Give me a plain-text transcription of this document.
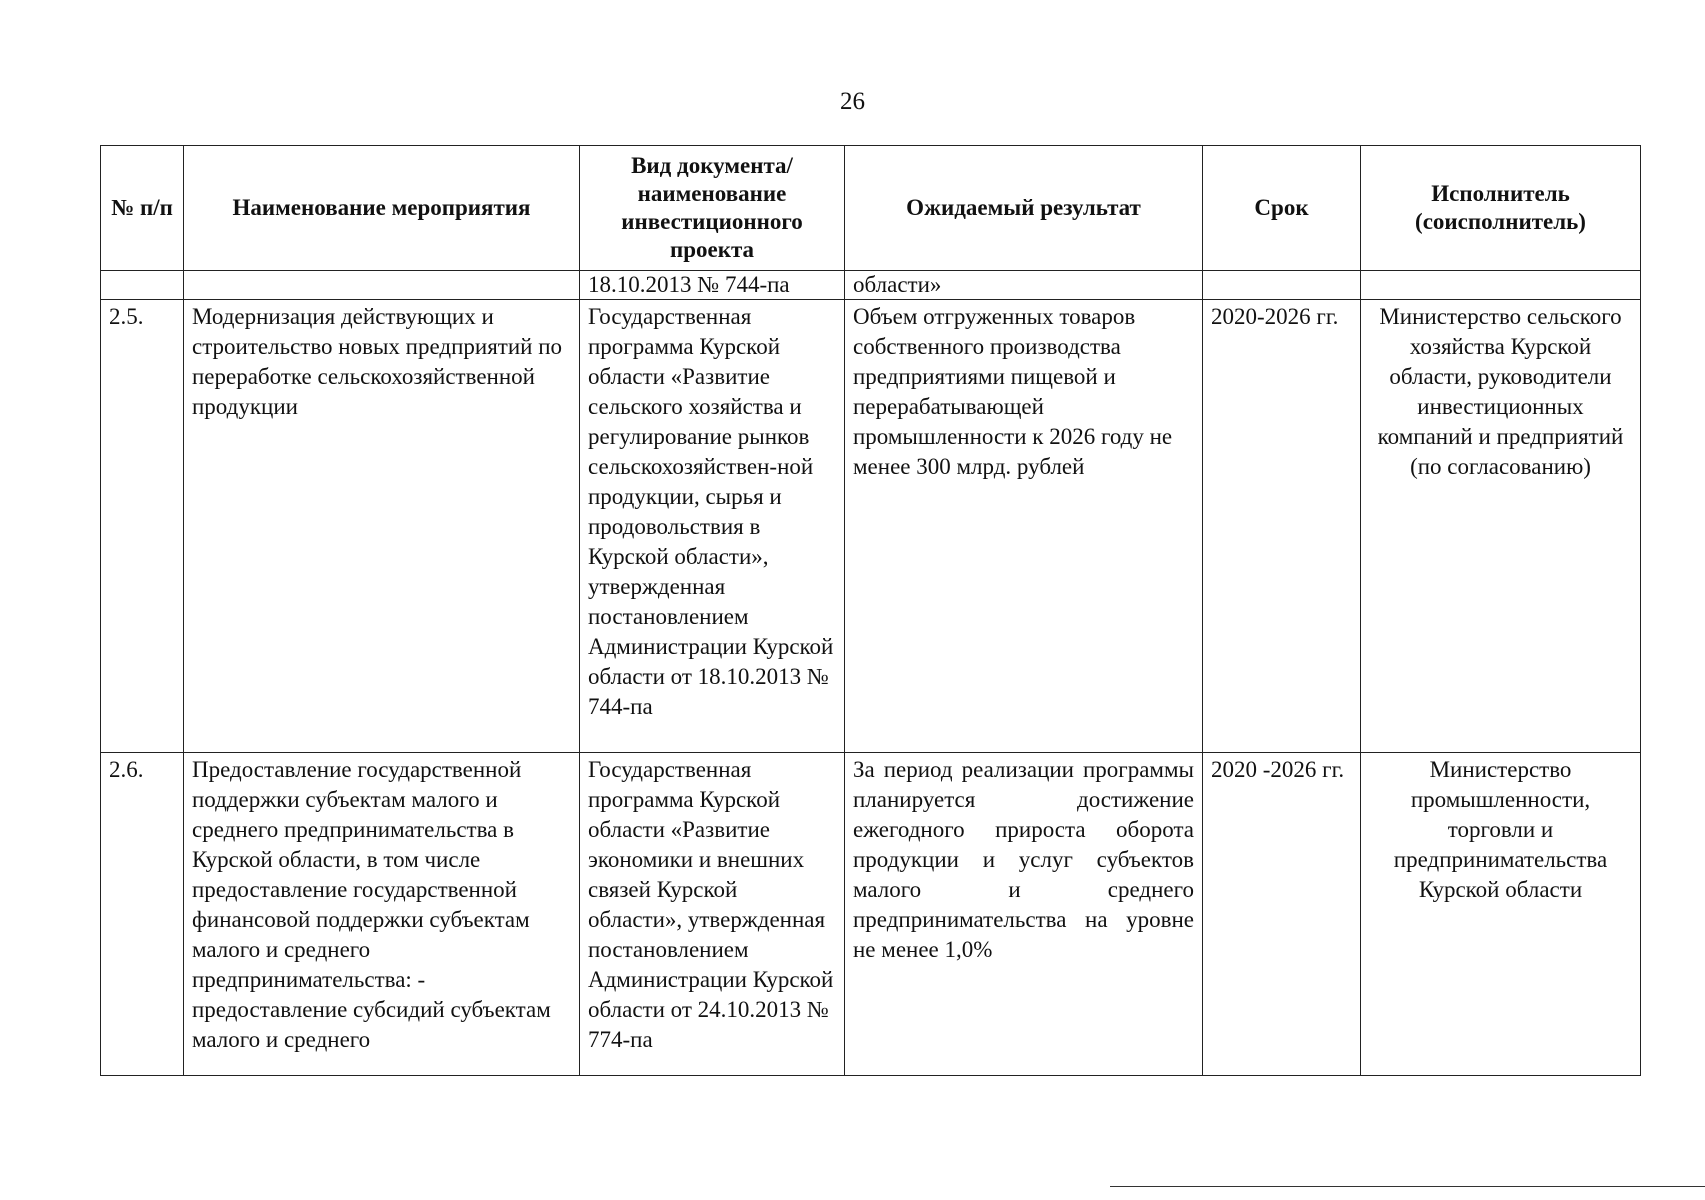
26
№ п/п	Наименование мероприятия	Вид документа/ наименование инвестиционного проекта	Ожидаемый результат	Срок	Исполнитель (соисполнитель)
		18.10.2013 № 744-па	области»		
2.5.	Модернизация действующих и строительство новых предприятий по переработке сельскохозяйственной продукции	Государственная программа Курской области «Развитие сельского хозяйства и регулирование рынков сельскохозяйствен-ной продукции, сырья и продовольствия в Курской области», утвержденная постановлением Администрации Курской области от 18.10.2013 № 744-па	Объем отгруженных товаров собственного производства предприятиями пищевой и перерабатывающей промышленности к 2026 году не менее 300 млрд. рублей	2020-2026 гг.	Министерство сельского хозяйства Курской области, руководители инвестиционных компаний и предприятий (по согласованию)
2.6.	Предоставление государственной поддержки субъектам малого и среднего предпринимательства в Курской области, в том числе предоставление государственной финансовой поддержки субъектам малого и среднего предпринимательства: - предоставление субсидий субъектам малого и среднего	Государственная программа Курской области «Развитие экономики и внешних связей Курской области», утвержденная постановлением Администрации Курской области от 24.10.2013 № 774-па	За период реализации программы планируется достижение ежегодного прироста оборота продукции и услуг субъектов малого и среднего предпринимательства на уровне не менее 1,0%	2020 -2026 гг.	Министерство промышленности, торговли и предпринимательства Курской области
